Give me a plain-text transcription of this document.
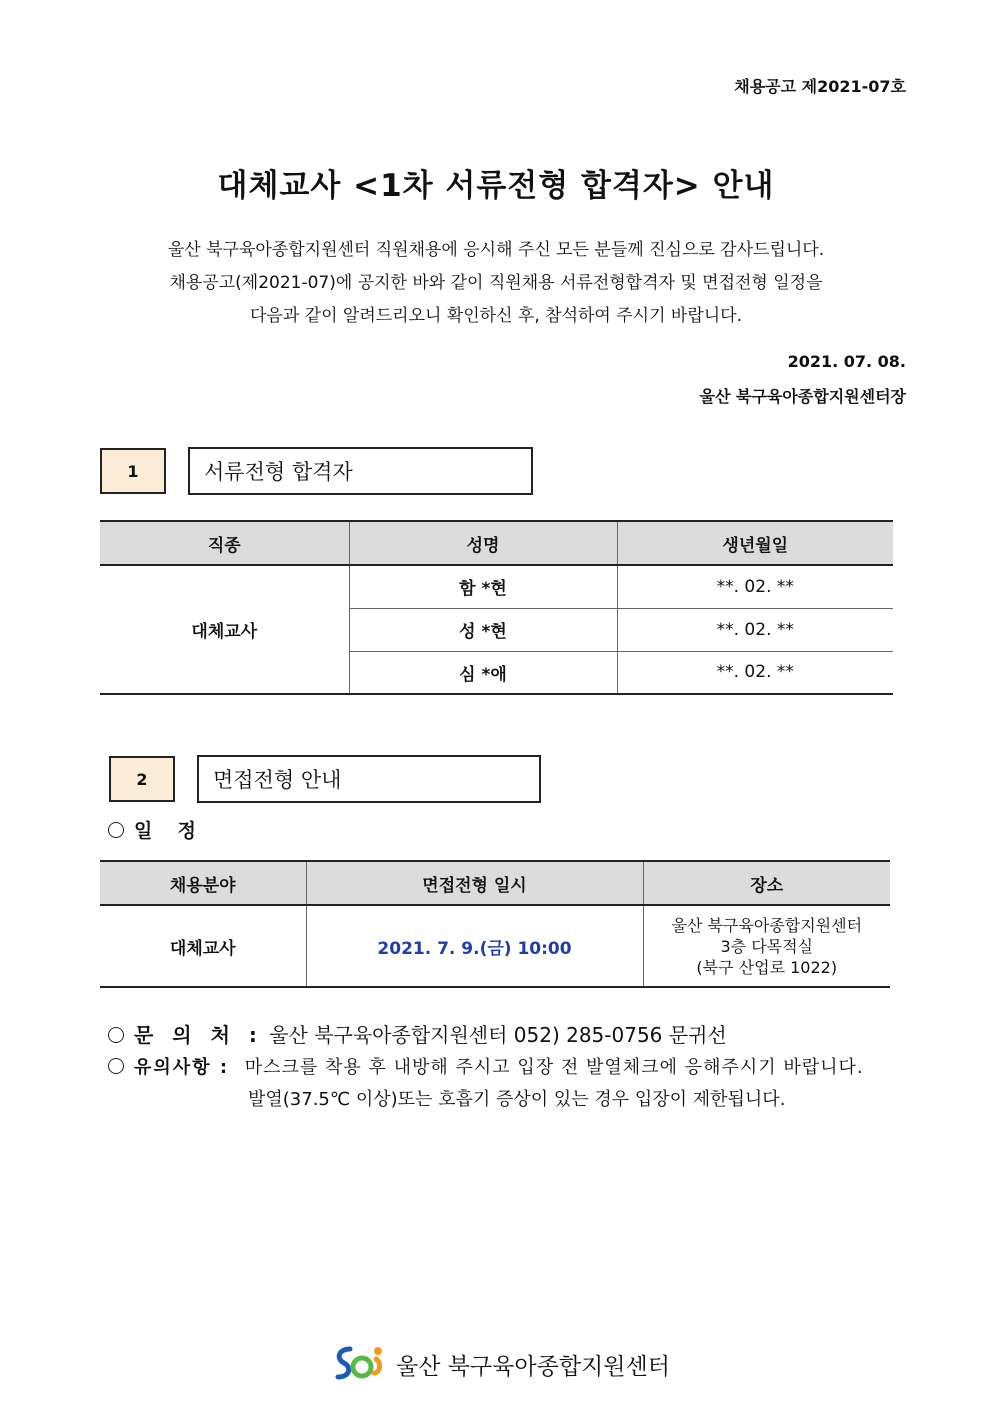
채용공고 제2021-07호
대체교사 <1차 서류전형 합격자> 안내
울산 북구육아종합지원센터 직원채용에 응시해 주신 모든 분들께 진심으로 감사드립니다.
채용공고(제2021-07)에 공지한 바와 같이 직원채용 서류전형합격자 및 면접전형 일정을
다음과 같이 알려드리오니 확인하신 후, 참석하여 주시기 바랍니다.
2021. 07. 08.
울산 북구육아종합지원센터장
1	서류전형 합격자
직종	성명	생년월일
대체교사	함 *현	**. 02. **
	성 *현	**. 02. **
	심 *애	**. 02. **
2	면접전형 안내
일  정
채용분야	면접전형 일시	장소
대체교사	2021. 7. 9.(금) 10:00	울산 북구육아종합지원센터
3층 다목적실
(북구 산업로 1022)
문 의 처 : 울산 북구육아종합지원센터 052) 285-0756 문귀선
유의사항 : 마스크를 착용 후 내방해 주시고 입장 전 발열체크에 응해주시기 바랍니다.
발열(37.5℃ 이상)또는 호흡기 증상이 있는 경우 입장이 제한됩니다.
울산 북구육아종합지원센터
